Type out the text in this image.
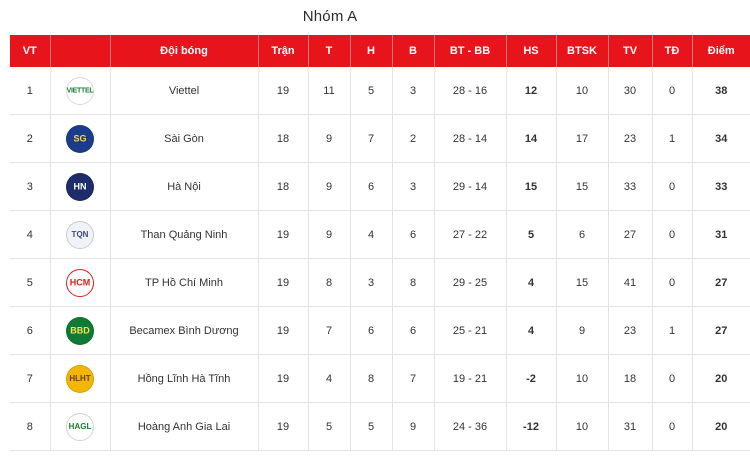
Nhóm A
VT		Đội bóng	Trận	T	H	B	BT - BB	HS	BTSK	TV	TĐ	Điểm
1	VIETTEL	Viettel	19	11	5	3	28 - 16	12	10	30	0	38
2	SG	Sài Gòn	18	9	7	2	28 - 14	14	17	23	1	34
3	HN	Hà Nội	18	9	6	3	29 - 14	15	15	33	0	33
4	TQN	Than Quảng Ninh	19	9	4	6	27 - 22	5	6	27	0	31
5	HCM	TP Hồ Chí Minh	19	8	3	8	29 - 25	4	15	41	0	27
6	BBD	Becamex Bình Dương	19	7	6	6	25 - 21	4	9	23	1	27
7	HLHT	Hồng Lĩnh Hà Tĩnh	19	4	8	7	19 - 21	-2	10	18	0	20
8	HAGL	Hoàng Anh Gia Lai	19	5	5	9	24 - 36	-12	10	31	0	20
